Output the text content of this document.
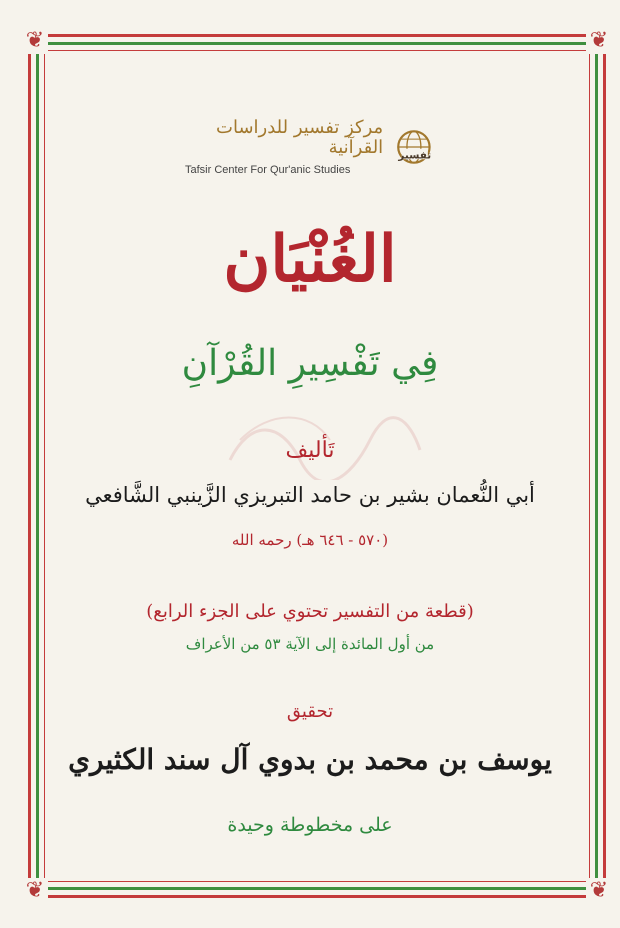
❦	❦
❦	❦
مركز تفسير للدراسات القرآنية
Tafsir Center For Qur'anic Studies
تفسير
الغُنْيَان
فِي تَفْسِيرِ القُرْآنِ
تَأليف
أبي النُّعمان بشير بن حامد التبريزي الزَّينبي الشَّافعي
(٥٧٠ - ٦٤٦ هـ) رحمه الله
(قطعة من التفسير تحتوي على الجزء الرابع)
من أول المائدة إلى الآية ٥٣ من الأعراف
تحقيق
يوسف بن محمد بن بدوي آل سند الكثيري
على مخطوطة وحيدة
